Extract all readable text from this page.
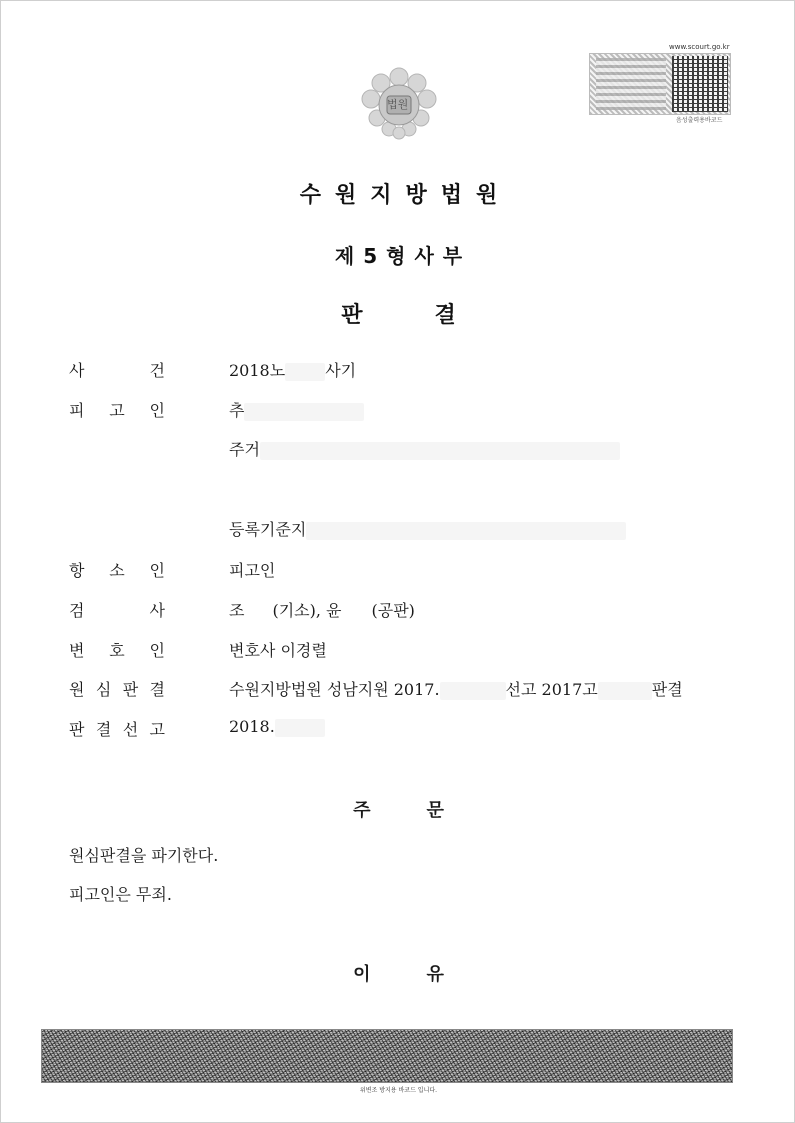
법원
www.scourt.go.kr
음성출력용바코드
수원지방법원
제5형사부
판	결
사	건	2018노	사기
피 고 인	추
주거
등록기준지
항 소 인	피고인
검	사	조 (기소), 윤 (공판)
변 호 인	변호사 이경렬
원 심 판 결	수원지방법원 성남지원 2017.	선고 2017고	판결
판 결 선 고	2018.
주	문
원심판결을 파기한다.
피고인은 무죄.
이	유
위변조 방지용 바코드 입니다.
